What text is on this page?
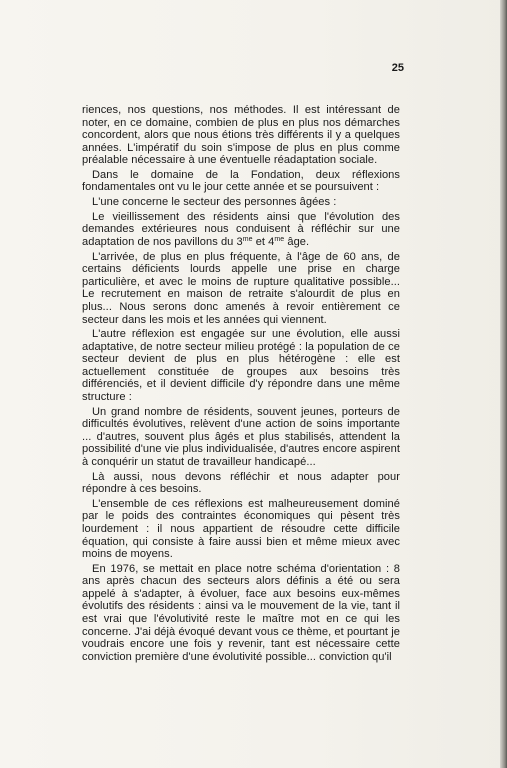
25

riences, nos questions, nos méthodes. Il est intéressant de noter, en ce domaine, combien de plus en plus nos démarches concordent, alors que nous étions très différents il y a quelques années. L'impératif du soin s'impose de plus en plus comme préalable nécessaire à une éventuelle réadaptation sociale.

Dans le domaine de la Fondation, deux réflexions fondamentales ont vu le jour cette année et se poursuivent :

L'une concerne le secteur des personnes âgées :

Le vieillissement des résidents ainsi que l'évolution des demandes extérieures nous conduisent à réfléchir sur une adaptation de nos pavillons du $3^{me}$ et $4^{me}$ âge.

L'arrivée, de plus en plus fréquente, à l'âge de 60 ans, de certains déficients lourds appelle une prise en charge particulière, et avec le moins de rupture qualitative possible... Le recrutement en maison de retraite s'alourdit de plus en plus... Nous serons donc amenés à revoir entièrement ce secteur dans les mois et les années qui viennent.

L'autre réflexion est engagée sur une évolution, elle aussi adaptative, de notre secteur milieu protégé : la population de ce secteur devient de plus en plus hétérogène : elle est actuellement constituée de groupes aux besoins très différenciés, et il devient difficile d'y répondre dans une même structure :

Un grand nombre de résidents, souvent jeunes, porteurs de difficultés évolutives, relèvent d'une action de soins importante ... d'autres, souvent plus âgés et plus stabilisés, attendent la possibilité d'une vie plus individualisée, d'autres encore aspirent à conquérir un statut de travailleur handicapé...

Là aussi, nous devons réfléchir et nous adapter pour répondre à ces besoins.

L'ensemble de ces réflexions est malheureusement dominé par le poids des contraintes économiques qui pèsent très lourdement : il nous appartient de résoudre cette difficile équation, qui consiste à faire aussi bien et même mieux avec moins de moyens.

En 1976, se mettait en place notre schéma d'orientation : 8 ans après chacun des secteurs alors définis a été ou sera appelé à s'adapter, à évoluer, face aux besoins eux-mêmes évolutifs des résidents : ainsi va le mouvement de la vie, tant il est vrai que l'évolutivité reste le maître mot en ce qui les concerne. J'ai déjà évoqué devant vous ce thème, et pourtant je voudrais encore une fois y revenir, tant est nécessaire cette conviction première d'une évolutivité possible... conviction qu'il
